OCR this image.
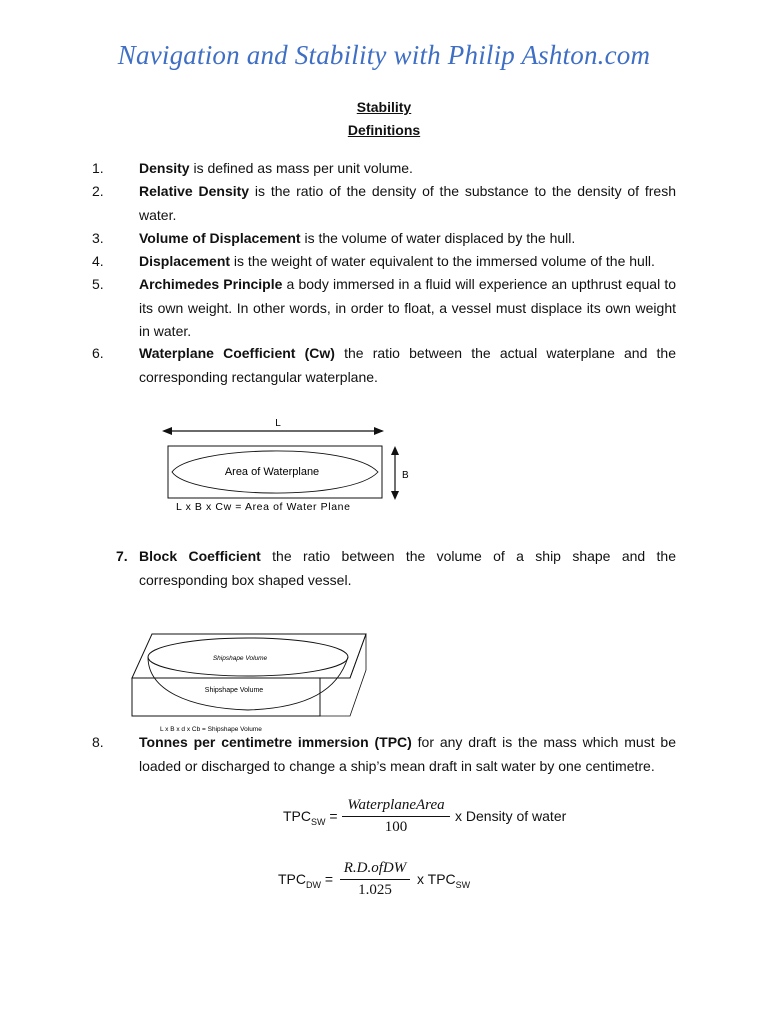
Navigation and Stability with Philip Ashton.com
Stability
Definitions
1.	Density is defined as mass per unit volume.
2.	Relative Density is the ratio of the density of the substance to the density of fresh water.
3.	Volume of Displacement is the volume of water displaced by the hull.
4.	Displacement is the weight of water equivalent to the immersed volume of the hull.
5.	Archimedes Principle a body immersed in a fluid will experience an upthrust equal to its own weight. In other words, in order to float, a vessel must displace its own weight in water.
6.	Waterplane Coefficient (Cw) the ratio between the actual waterplane and the corresponding rectangular waterplane.
L
Area of Waterplane	B
L x B x Cw = Area of Water Plane
7. Block Coefficient the ratio between the volume of a ship shape and the corresponding box shaped vessel.
Shipshape Volume
Shipshape Volume
L x B x d x Cb = Shipshape Volume
8.	Tonnes per centimetre immersion (TPC) for any draft is the mass which must be loaded or discharged to change a ship’s mean draft in salt water by one centimetre.
$TPC_{SW}$ =
WaterplaneArea
100
x Density of water
$TPC_{DW}$ =
R.D.ofDW
1.025
x $TPC_{SW}$
